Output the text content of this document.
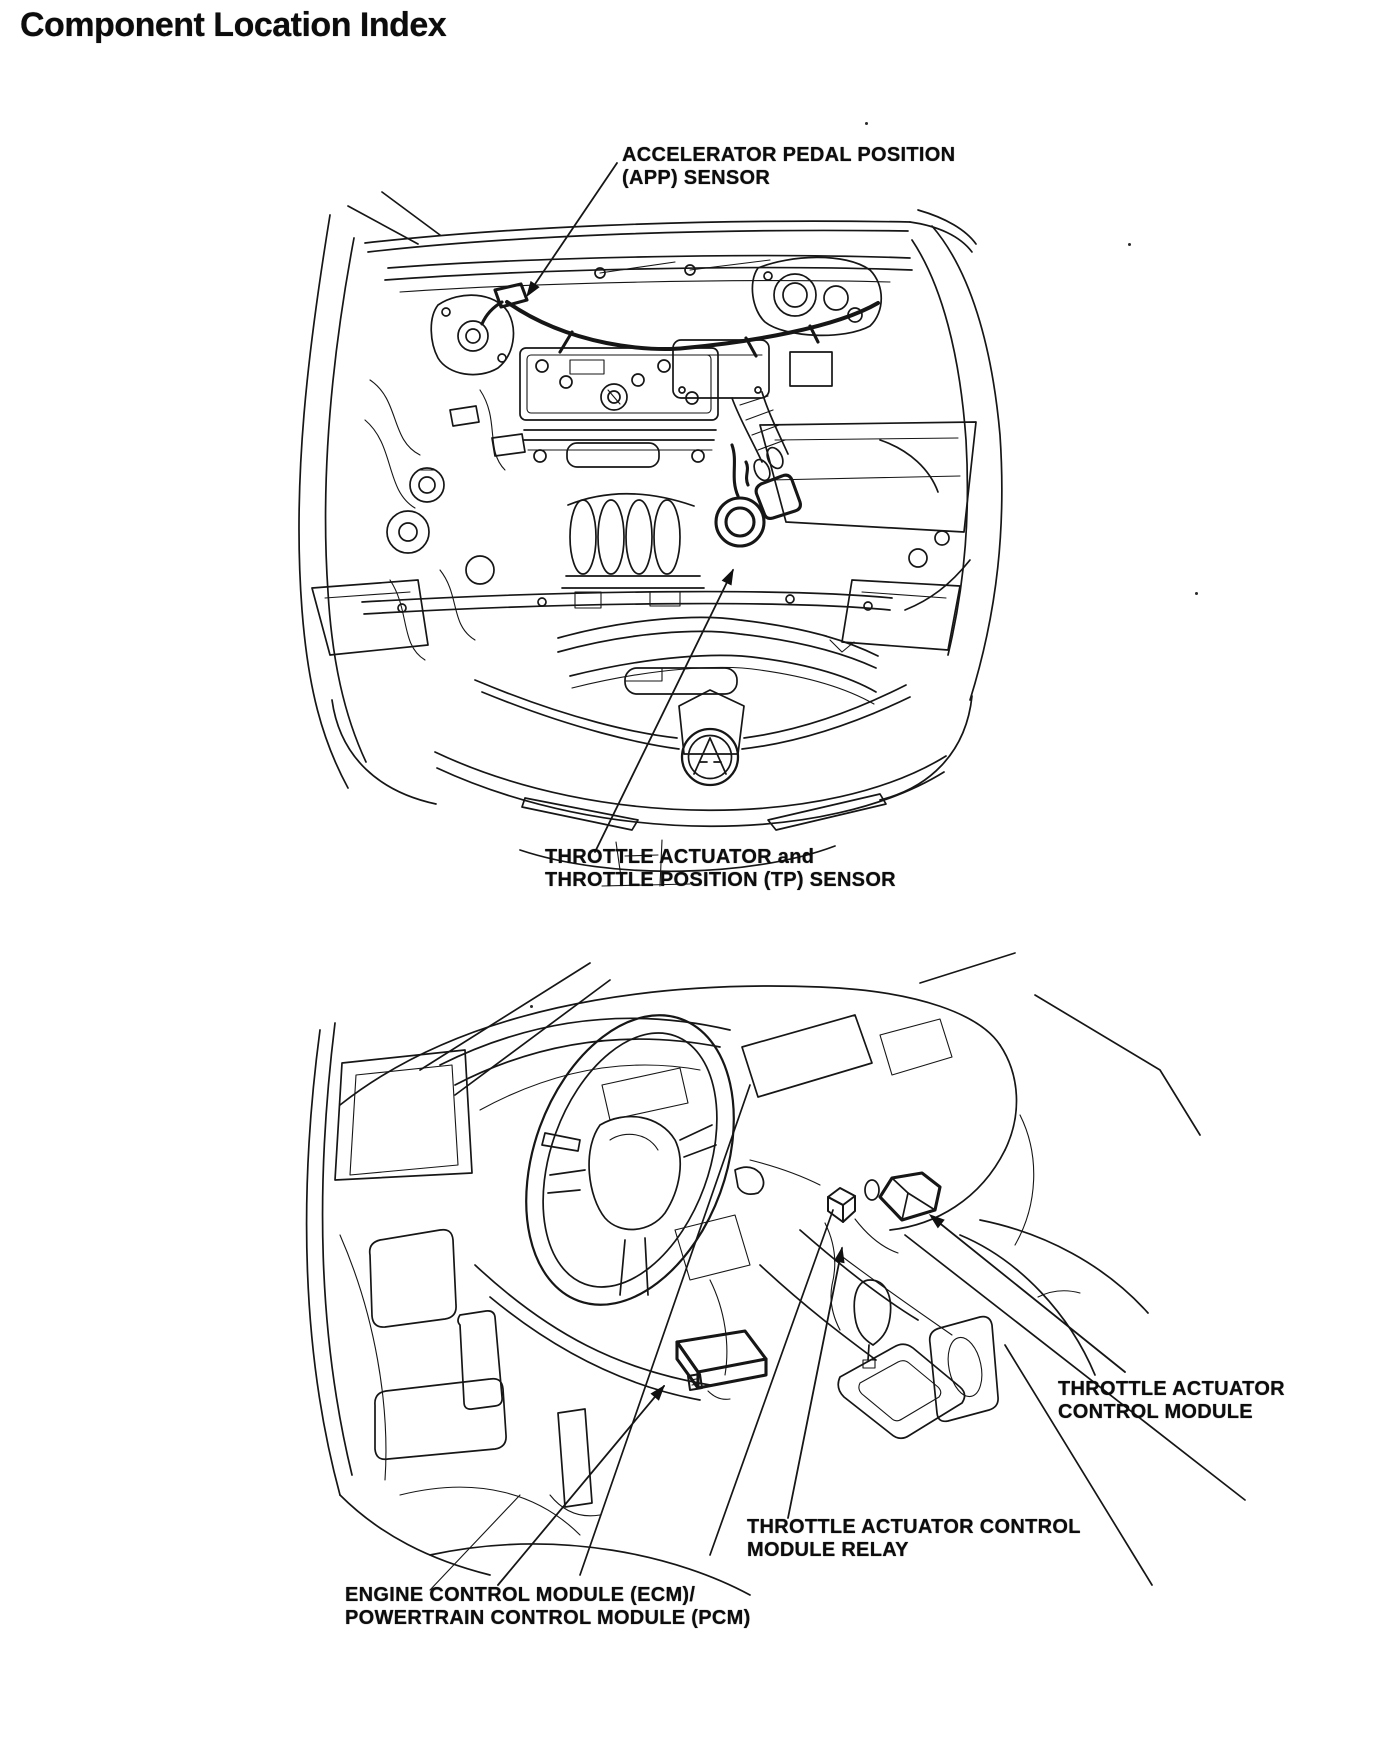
Component Location Index
ACCELERATOR PEDAL POSITION
(APP) SENSOR
THROTTLE ACTUATOR and
THROTTLE POSITION (TP) SENSOR
THROTTLE ACTUATOR
CONTROL MODULE
THROTTLE ACTUATOR CONTROL
MODULE RELAY
ENGINE CONTROL MODULE (ECM)/
POWERTRAIN CONTROL MODULE (PCM)
